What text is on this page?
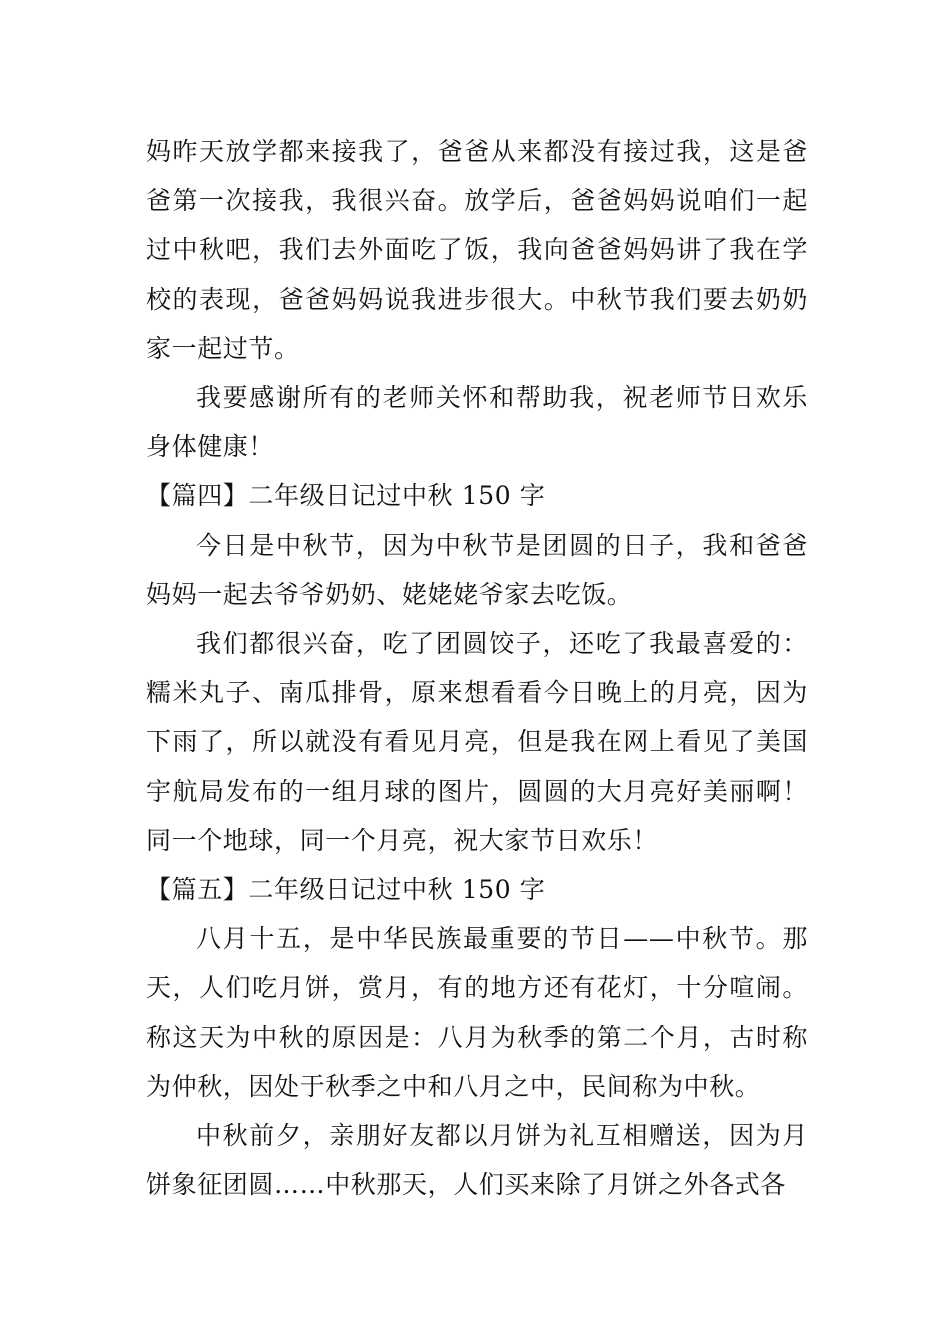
妈昨天放学都来接我了，爸爸从来都没有接过我，这是爸爸第一次接我，我很兴奋。放学后，爸爸妈妈说咱们一起过中秋吧，我们去外面吃了饭，我向爸爸妈妈讲了我在学校的表现，爸爸妈妈说我进步很大。中秋节我们要去奶奶家一起过节。

我要感谢所有的老师关怀和帮助我，祝老师节日欢乐身体健康！

【篇四】二年级日记过中秋 150 字

今日是中秋节，因为中秋节是团圆的日子，我和爸爸妈妈一起去爷爷奶奶、姥姥姥爷家去吃饭。

我们都很兴奋，吃了团圆饺子，还吃了我最喜爱的：糯米丸子、南瓜排骨，原来想看看今日晚上的月亮，因为下雨了，所以就没有看见月亮，但是我在网上看见了美国宇航局发布的一组月球的图片，圆圆的大月亮好美丽啊！同一个地球，同一个月亮，祝大家节日欢乐！

【篇五】二年级日记过中秋 150 字

八月十五，是中华民族最重要的节日——中秋节。那天，人们吃月饼，赏月，有的地方还有花灯，十分喧闹。称这天为中秋的原因是：八月为秋季的第二个月，古时称为仲秋，因处于秋季之中和八月之中，民间称为中秋。

中秋前夕，亲朋好友都以月饼为礼互相赠送，因为月饼象征团圆……中秋那天，人们买来除了月饼之外各式各
